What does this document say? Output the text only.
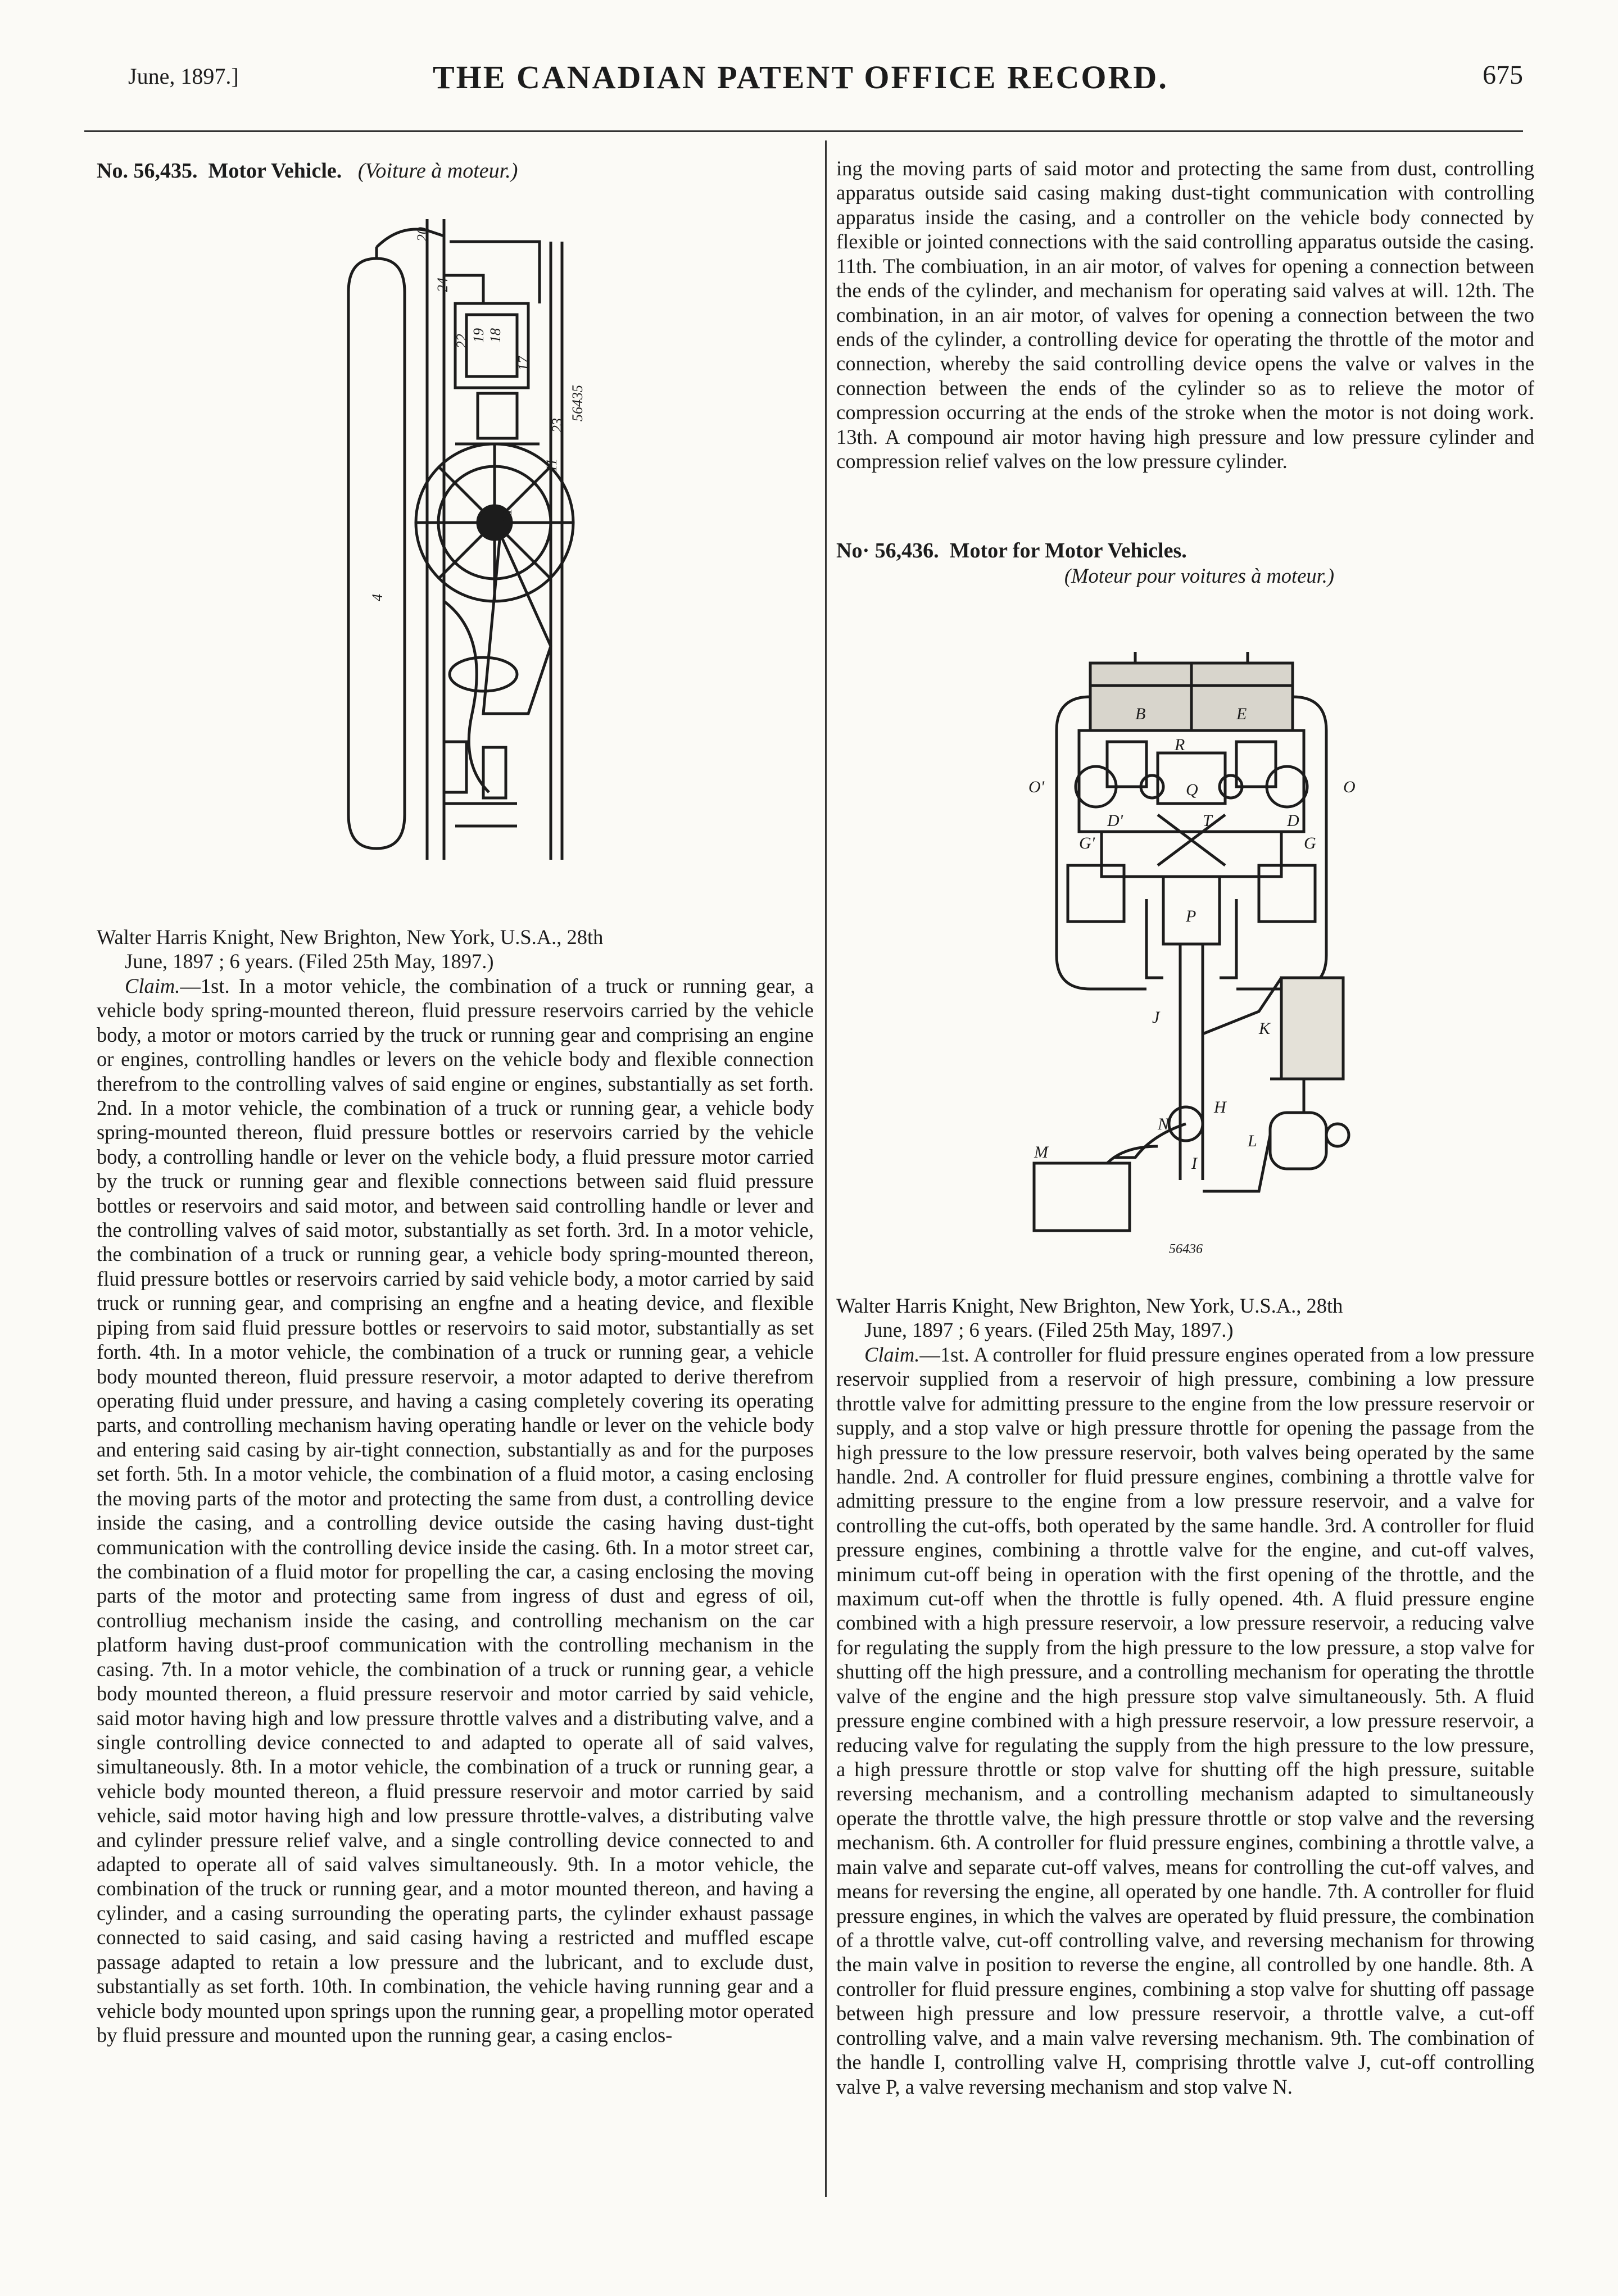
June, 1897.]	THE CANADIAN PATENT OFFICE RECORD.	675

No. 56,435. Motor Vehicle. (Voiture à moteur.)

20
24
22 19 18
17
4
21
11
23
56435

Walter Harris Knight, New Brighton, New York, U.S.A., 28th
June, 1897 ; 6 years. (Filed 25th May, 1897.)

Claim.—1st. In a motor vehicle, the combination of a truck or running gear, a vehicle body spring-mounted thereon, fluid pressure reservoirs carried by the vehicle body, a motor or motors carried by the truck or running gear and comprising an engine or engines, controlling handles or levers on the vehicle body and flexible connection therefrom to the controlling valves of said engine or engines, substantially as set forth. 2nd. In a motor vehicle, the combination of a truck or running gear, a vehicle body spring-mounted thereon, fluid pressure bottles or reservoirs carried by the vehicle body, a controlling handle or lever on the vehicle body, a fluid pressure motor carried by the truck or running gear and flexible connections between said fluid pressure bottles or reservoirs and said motor, and between said controlling handle or lever and the controlling valves of said motor, substantially as set forth. 3rd. In a motor vehicle, the combination of a truck or running gear, a vehicle body spring-mounted thereon, fluid pressure bottles or reservoirs carried by said vehicle body, a motor carried by said truck or running gear, and comprising an engfne and a heating device, and flexible piping from said fluid pressure bottles or reservoirs to said motor, substantially as set forth. 4th. In a motor vehicle, the combination of a truck or running gear, a vehicle body mounted thereon, fluid pressure reservoir, a motor adapted to derive therefrom operating fluid under pressure, and having a casing completely covering its operating parts, and controlling mechanism having operating handle or lever on the vehicle body and entering said casing by air-tight connection, substantially as and for the purposes set forth. 5th. In a motor vehicle, the combination of a fluid motor, a casing enclosing the moving parts of the motor and protecting the same from dust, a controlling device inside the casing, and a controlling device outside the casing having dust-tight communication with the controlling device inside the casing. 6th. In a motor street car, the combination of a fluid motor for propelling the car, a casing enclosing the moving parts of the motor and protecting same from ingress of dust and egress of oil, controlliug mechanism inside the casing, and controlling mechanism on the car platform having dust-proof communication with the controlling mechanism in the casing. 7th. In a motor vehicle, the combination of a truck or running gear, a vehicle body mounted thereon, a fluid pressure reservoir and motor carried by said vehicle, said motor having high and low pressure throttle valves and a distributing valve, and a single controlling device connected to and adapted to operate all of said valves, simultaneously. 8th. In a motor vehicle, the combination of a truck or running gear, a vehicle body mounted thereon, a fluid pressure reservoir and motor carried by said vehicle, said motor having high and low pressure throttle-valves, a distributing valve and cylinder pressure relief valve, and a single controlling device connected to and adapted to operate all of said valves simultaneously. 9th. In a motor vehicle, the combination of the truck or running gear, and a motor mounted thereon, and having a cylinder, and a casing surrounding the operating parts, the cylinder exhaust passage connected to said casing, and said casing having a restricted and muffled escape passage adapted to retain a low pressure and the lubricant, and to exclude dust, substantially as set forth. 10th. In combination, the vehicle having running gear and a vehicle body mounted upon springs upon the running gear, a propelling motor operated by fluid pressure and mounted upon the running gear, a casing enclos-

ing the moving parts of said motor and protecting the same from dust, controlling apparatus outside said casing making dust-tight communication with controlling apparatus inside the casing, and a controller on the vehicle body connected by flexible or jointed connections with the said controlling apparatus outside the casing. 11th. The combiuation, in an air motor, of valves for opening a connection between the ends of the cylinder, and mechanism for operating said valves at will. 12th. The combination, in an air motor, of valves for opening a connection between the two ends of the cylinder, a controlling device for operating the throttle of the motor and connection, whereby the said controlling device opens the valve or valves in the connection between the ends of the cylinder so as to relieve the motor of compression occurring at the ends of the stroke when the motor is not doing work. 13th. A compound air motor having high pressure and low pressure cylinder and compression relief valves on the low pressure cylinder.

No· 56,436. Motor for Motor Vehicles.

(Moteur pour voitures à moteur.)

O'	O
D'	D
G'	G
B	E
R
Q
T
P
J
K
H
N
L
M
I
56436

Walter Harris Knight, New Brighton, New York, U.S.A., 28th
June, 1897 ; 6 years. (Filed 25th May, 1897.)

Claim.—1st. A controller for fluid pressure engines operated from a low pressure reservoir supplied from a reservoir of high pressure, combining a low pressure throttle valve for admitting pressure to the engine from the low pressure reservoir or supply, and a stop valve or high pressure throttle for opening the passage from the high pressure to the low pressure reservoir, both valves being operated by the same handle. 2nd. A controller for fluid pressure engines, combining a throttle valve for admitting pressure to the engine from a low pressure reservoir, and a valve for controlling the cut-offs, both operated by the same handle. 3rd. A controller for fluid pressure engines, combining a throttle valve for the engine, and cut-off valves, minimum cut-off being in operation with the first opening of the throttle, and the maximum cut-off when the throttle is fully opened. 4th. A fluid pressure engine combined with a high pressure reservoir, a low pressure reservoir, a reducing valve for regulating the supply from the high pressure to the low pressure, a stop valve for shutting off the high pressure, and a controlling mechanism for operating the throttle valve of the engine and the high pressure stop valve simultaneously. 5th. A fluid pressure engine combined with a high pressure reservoir, a low pressure reservoir, a reducing valve for regulating the supply from the high pressure to the low pressure, a high pressure throttle or stop valve for shutting off the high pressure, suitable reversing mechanism, and a controlling mechanism adapted to simultaneously operate the throttle valve, the high pressure throttle or stop valve and the reversing mechanism. 6th. A controller for fluid pressure engines, combining a throttle valve, a main valve and separate cut-off valves, means for controlling the cut-off valves, and means for reversing the engine, all operated by one handle. 7th. A controller for fluid pressure engines, in which the valves are operated by fluid pressure, the combination of a throttle valve, cut-off controlling valve, and reversing mechanism for throwing the main valve in position to reverse the engine, all controlled by one handle. 8th. A controller for fluid pressure engines, combining a stop valve for shutting off passage between high pressure and low pressure reservoir, a throttle valve, a cut-off controlling valve, and a main valve reversing mechanism. 9th. The combination of the handle I, controlling valve H, comprising throttle valve J, cut-off controlling valve P, a valve reversing mechanism and stop valve N.
